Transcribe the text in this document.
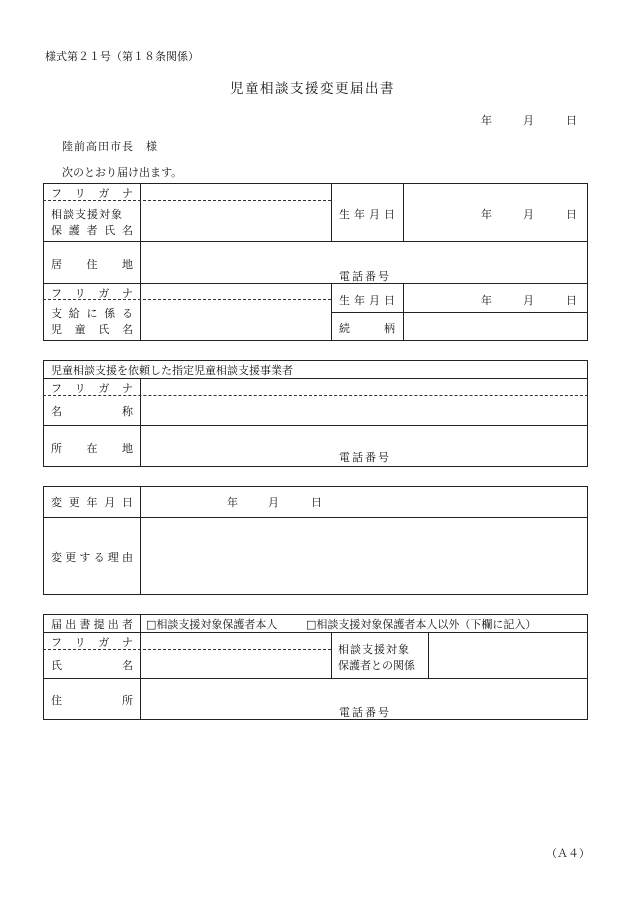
様式第２１号（第１８条関係）
児童相談支援変更届出書
年	月	日
陸前高田市長　様
次のとおり届け出ます。
フ リ ガ ナ
相談支援対象
保 護 者 氏 名
生 年 月 日	年	月	日
居 住 地
電話番号
フ リ ガ ナ
生 年 月 日	年	月	日
支 給 に 係 る
児 童 氏 名	続	柄
児童相談支援を依頼した指定児童相談支援事業者
フ リ ガ ナ
名	称
所 在 地
電話番号
変 更 年 月 日	年	月	日
変 更 す る 理 由
届 出 書 提 出 者 □相談支援対象保護者本人	□相談支援対象保護者本人以外（下欄に記入）
フ リ ガ ナ
氏	名
相談支援対象
保護者との関係
住	所
電話番号
（Ａ４）
